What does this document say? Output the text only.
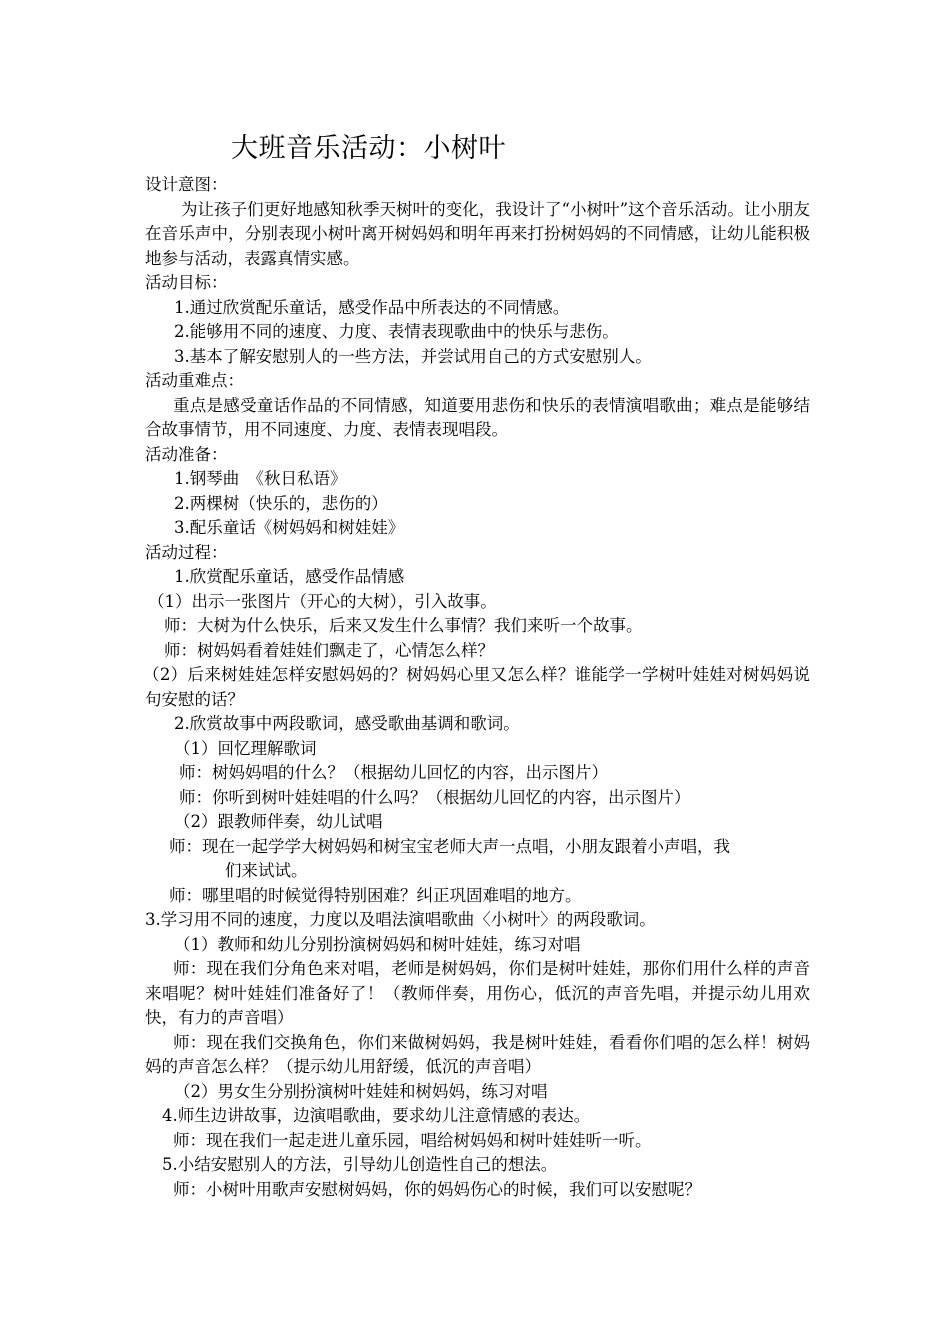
大班音乐活动：小树叶
设计意图：
为让孩子们更好地感知秋季天树叶的变化，我设计了“小树叶”这个音乐活动。让小朋友在音乐声中，分别表现小树叶离开树妈妈和明年再来打扮树妈妈的不同情感，让幼儿能积极地参与活动，表露真情实感。
活动目标：
1.通过欣赏配乐童话，感受作品中所表达的不同情感。
2.能够用不同的速度、力度、表情表现歌曲中的快乐与悲伤。
3.基本了解安慰别人的一些方法，并尝试用自己的方式安慰别人。
活动重难点：
重点是感受童话作品的不同情感，知道要用悲伤和快乐的表情演唱歌曲；难点是能够结合故事情节，用不同速度、力度、表情表现唱段。
活动准备：
1.钢琴曲　《秋日私语》
2.两棵树（快乐的，悲伤的）
3.配乐童话《树妈妈和树娃娃》
活动过程：
1.欣赏配乐童话，感受作品情感
（1）出示一张图片（开心的大树），引入故事。
师：大树为什么快乐，后来又发生什么事情？我们来听一个故事。
师：树妈妈看着娃娃们飘走了，心情怎么样？
（2）后来树娃娃怎样安慰妈妈的？树妈妈心里又怎么样？谁能学一学树叶娃娃对树妈妈说句安慰的话？
2.欣赏故事中两段歌词，感受歌曲基调和歌词。
（1）回忆理解歌词
师：树妈妈唱的什么？（根据幼儿回忆的内容，出示图片）
师：你听到树叶娃娃唱的什么吗？（根据幼儿回忆的内容，出示图片）
（2）跟教师伴奏，幼儿试唱
师：现在一起学学大树妈妈和树宝宝老师大声一点唱，小朋友跟着小声唱，我
们来试试。
师：哪里唱的时候觉得特别困难？纠正巩固难唱的地方。
3.学习用不同的速度，力度以及唱法演唱歌曲〈小树叶〉的两段歌词。
（1）教师和幼儿分别扮演树妈妈和树叶娃娃，练习对唱
师：现在我们分角色来对唱，老师是树妈妈，你们是树叶娃娃，那你们用什么样的声音来唱呢？树叶娃娃们准备好了！（教师伴奏，用伤心，低沉的声音先唱，并提示幼儿用欢快，有力的声音唱）
师：现在我们交换角色，你们来做树妈妈，我是树叶娃娃，看看你们唱的怎么样！树妈妈的声音怎么样？（提示幼儿用舒缓，低沉的声音唱）
（2）男女生分别扮演树叶娃娃和树妈妈，练习对唱
4.师生边讲故事，边演唱歌曲，要求幼儿注意情感的表达。
师：现在我们一起走进儿童乐园，唱给树妈妈和树叶娃娃听一听。
5.小结安慰别人的方法，引导幼儿创造性自己的想法。
师：小树叶用歌声安慰树妈妈，你的妈妈伤心的时候，我们可以安慰呢？
